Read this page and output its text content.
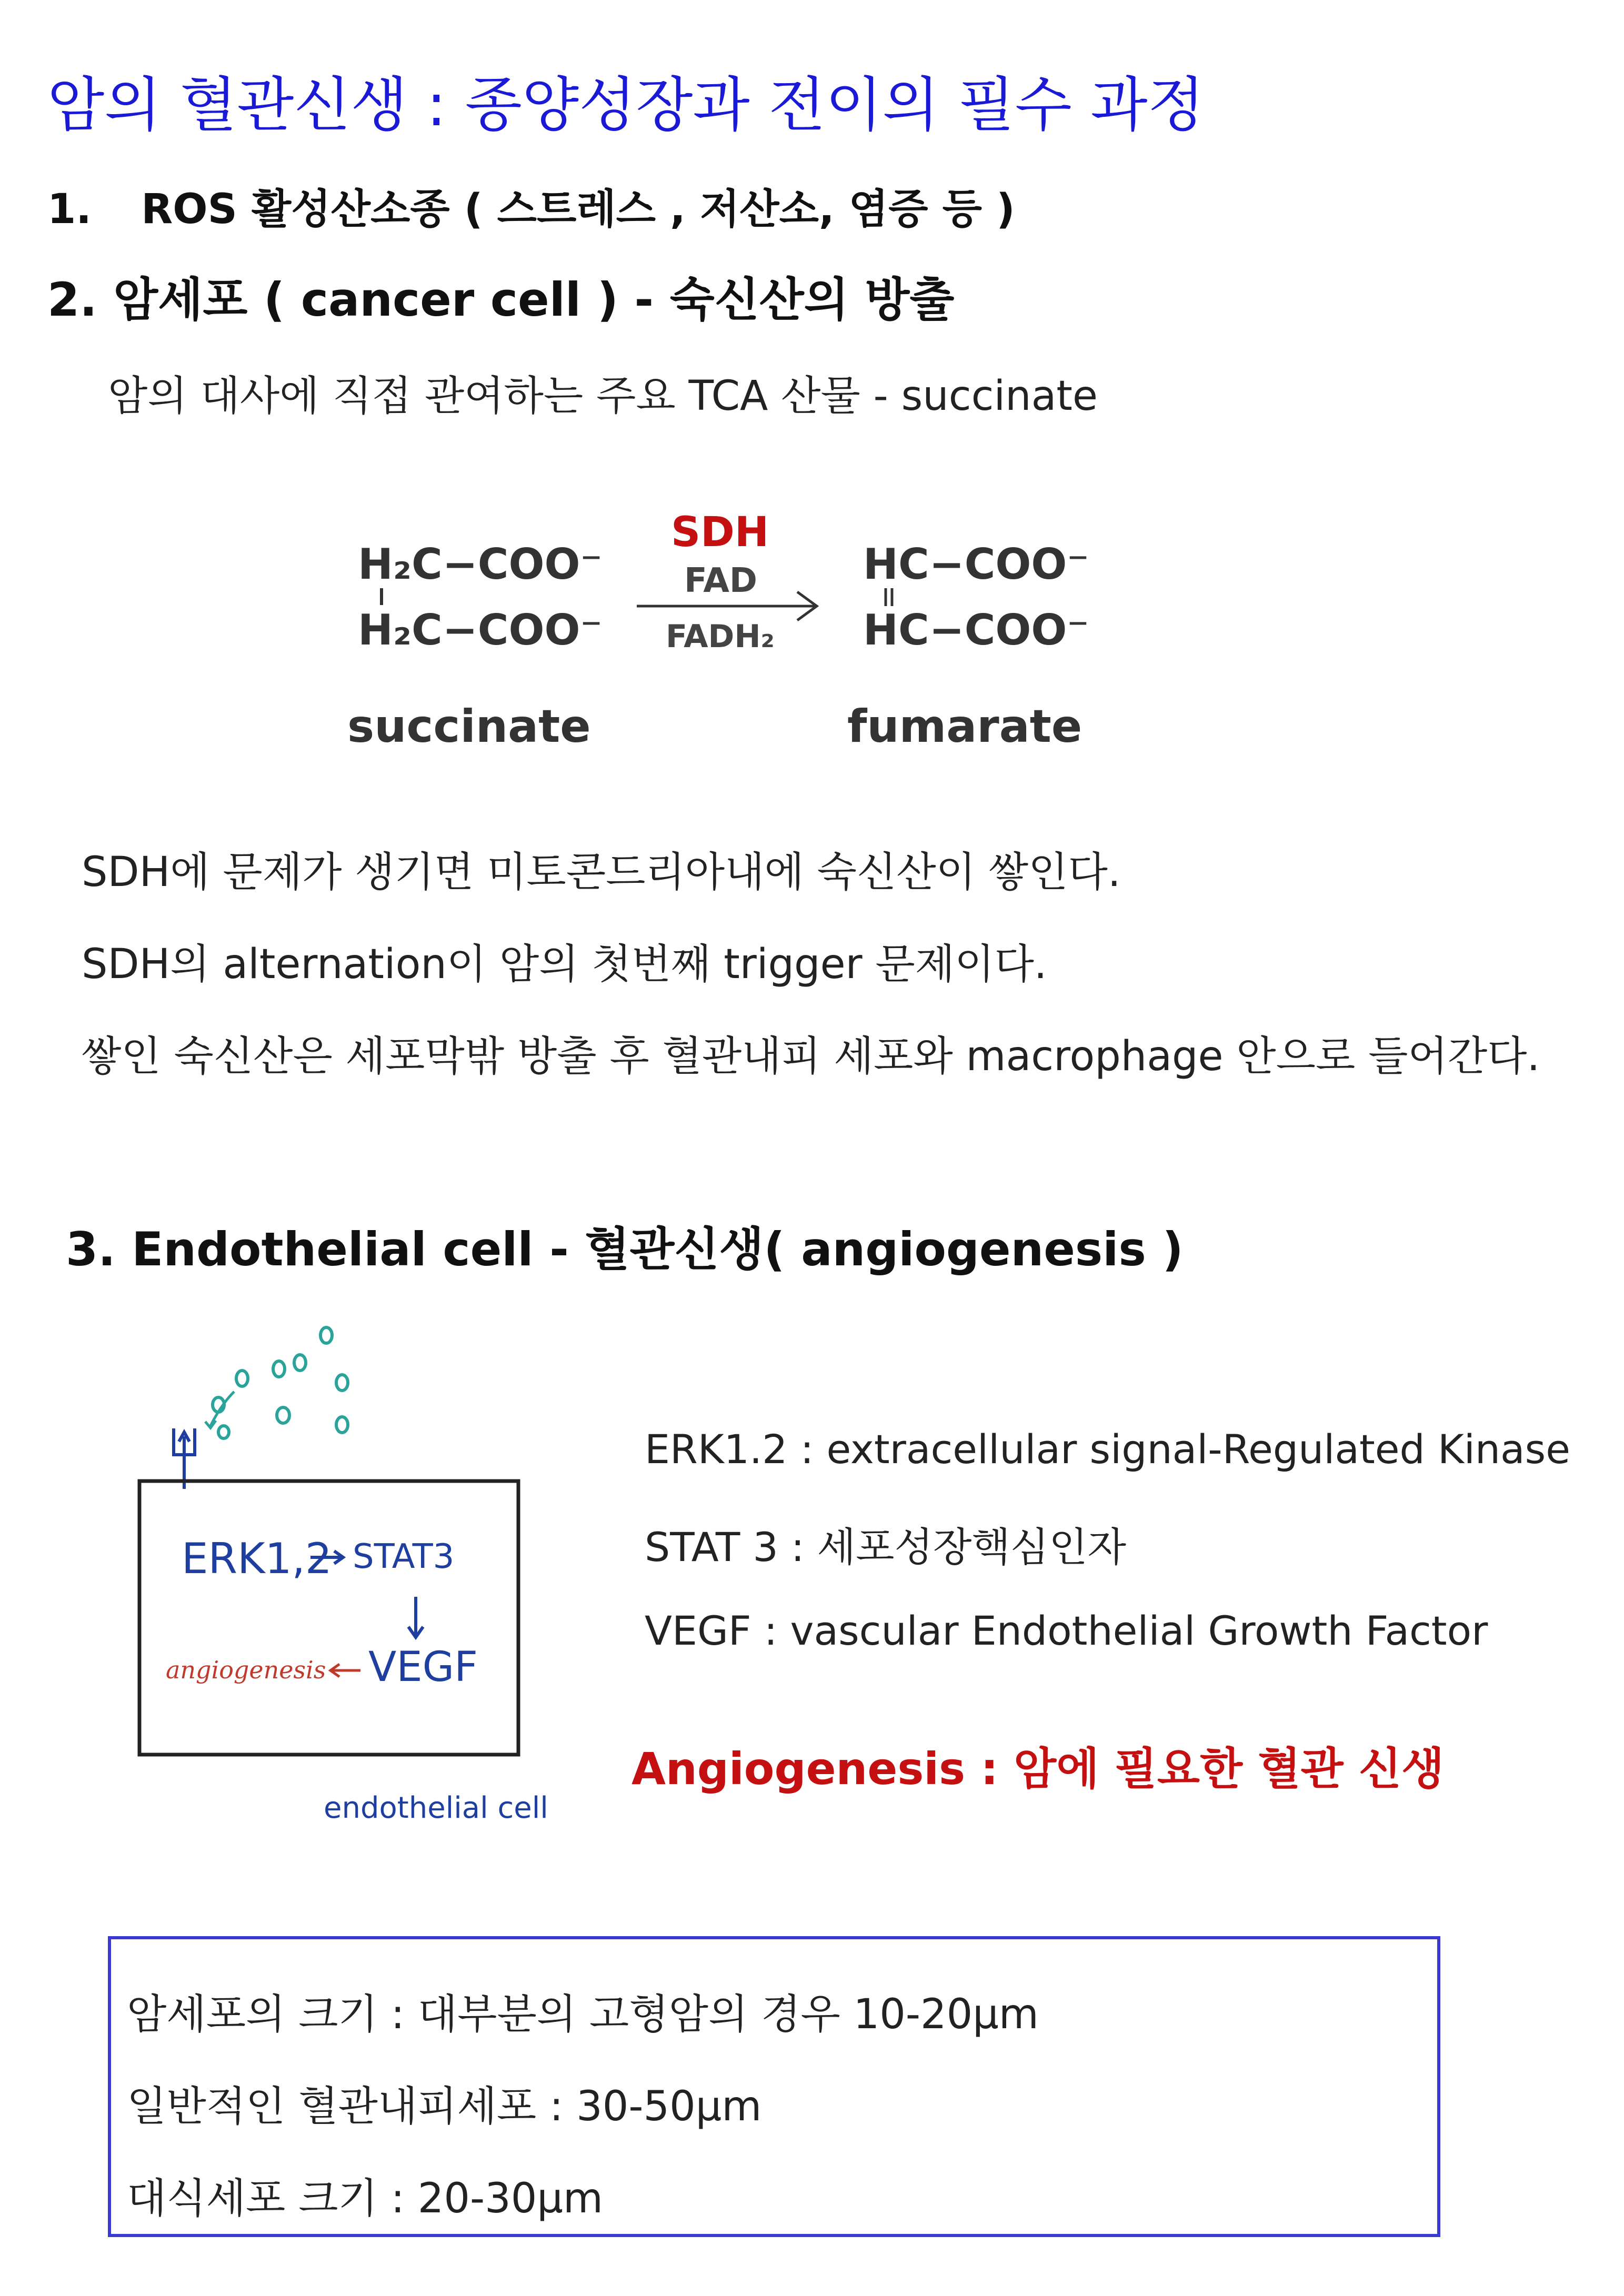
암의 혈관신생 : 종양성장과 전이의 필수 과정
1. ROS 활성산소종 ( 스트레스 , 저산소, 염증 등 )
2. 암세포 ( cancer cell ) - 숙신산의 방출
암의 대사에 직접 관여하는 주요 TCA 산물 - succinate
H₂C−COO⁻
H₂C−COO⁻
succinate
SDH
FAD
FADH₂
HC−COO⁻
HC−COO⁻
fumarate
SDH에 문제가 생기면 미토콘드리아내에 숙신산이 쌓인다.
SDH의 alternation이 암의 첫번째 trigger 문제이다.
쌓인 숙신산은 세포막밖 방출 후 혈관내피 세포와 macrophage 안으로 들어간다.
3. Endothelial cell - 혈관신생( angiogenesis )
ERK1,2 STAT3
VEGF
angiogenesis
endothelial cell
ERK1.2 : extracellular signal-Regulated Kinase
STAT 3 : 세포성장핵심인자
VEGF : vascular Endothelial Growth Factor
Angiogenesis : 암에 필요한 혈관 신생
암세포의 크기 : 대부분의 고형암의 경우 10-20μm
일반적인 혈관내피세포 : 30-50μm
대식세포 크기 : 20-30μm
